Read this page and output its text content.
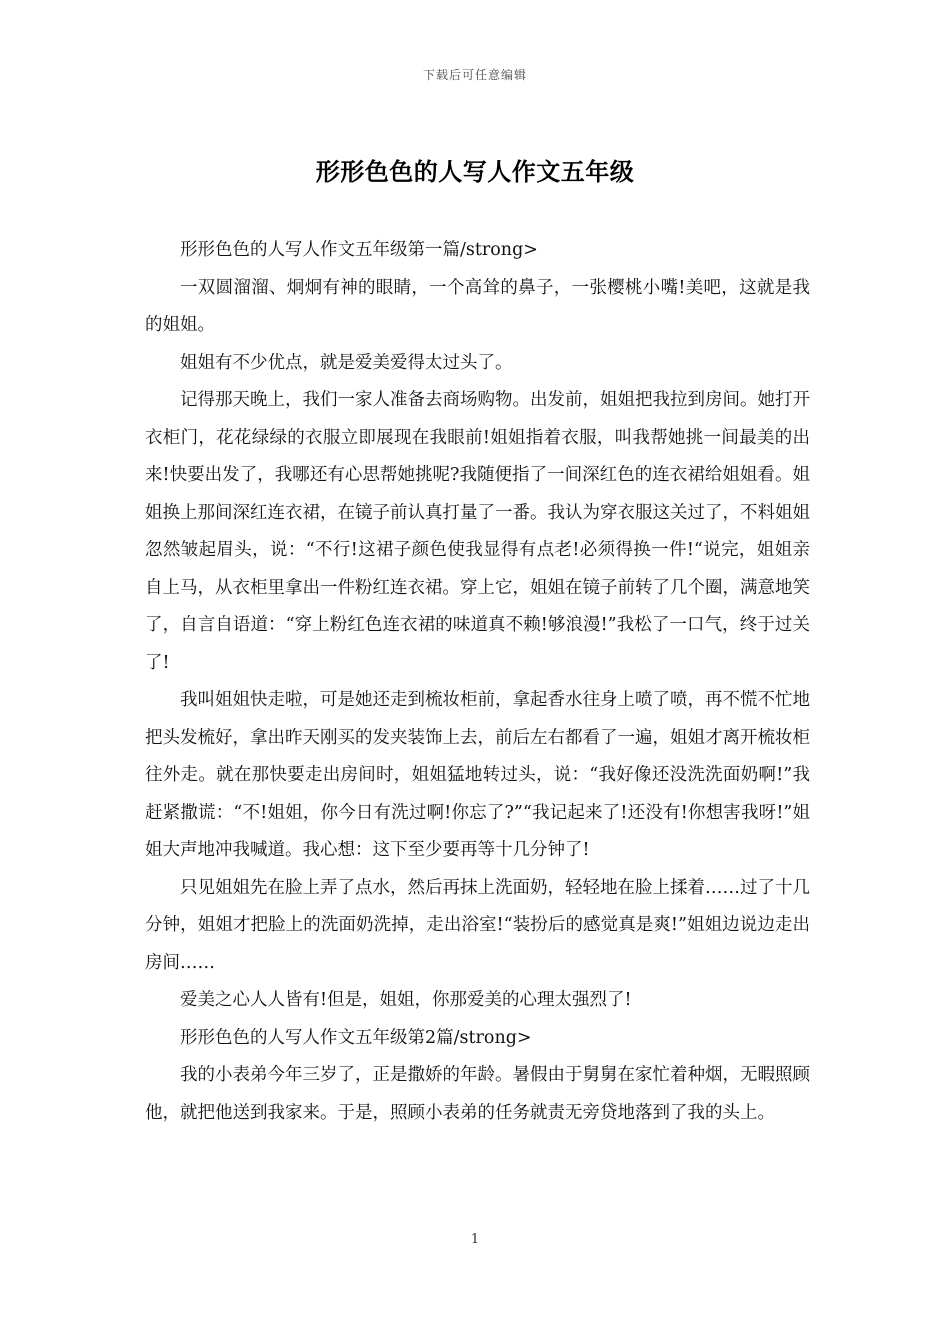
下载后可任意编辑
形形色色的人写人作文五年级

形形色色的人写人作文五年级第一篇/strong>

一双圆溜溜、炯炯有神的眼睛，一个高耸的鼻子，一张樱桃小嘴!美吧，这就是我的姐姐。

姐姐有不少优点，就是爱美爱得太过头了。

记得那天晚上，我们一家人准备去商场购物。出发前，姐姐把我拉到房间。她打开衣柜门，花花绿绿的衣服立即展现在我眼前!姐姐指着衣服，叫我帮她挑一间最美的出来!快要出发了，我哪还有心思帮她挑呢?我随便指了一间深红色的连衣裙给姐姐看。姐姐换上那间深红连衣裙，在镜子前认真打量了一番。我认为穿衣服这关过了，不料姐姐忽然皱起眉头，说：“不行!这裙子颜色使我显得有点老!必须得换一件!“说完，姐姐亲自上马，从衣柜里拿出一件粉红连衣裙。穿上它，姐姐在镜子前转了几个圈，满意地笑了，自言自语道：“穿上粉红色连衣裙的味道真不赖!够浪漫!”我松了一口气，终于过关了!

我叫姐姐快走啦，可是她还走到梳妆柜前，拿起香水往身上喷了喷，再不慌不忙地把头发梳好，拿出昨天刚买的发夹装饰上去，前后左右都看了一遍，姐姐才离开梳妆柜往外走。就在那快要走出房间时，姐姐猛地转过头，说：“我好像还没洗洗面奶啊!”我赶紧撒谎：“不!姐姐，你今日有洗过啊!你忘了?”“我记起来了!还没有!你想害我呀!”姐姐大声地冲我喊道。我心想：这下至少要再等十几分钟了!

只见姐姐先在脸上弄了点水，然后再抹上洗面奶，轻轻地在脸上揉着……过了十几分钟，姐姐才把脸上的洗面奶洗掉，走出浴室!“装扮后的感觉真是爽!”姐姐边说边走出房间……

爱美之心人人皆有!但是，姐姐，你那爱美的心理太强烈了!

形形色色的人写人作文五年级第2篇/strong>

我的小表弟今年三岁了，正是撒娇的年龄。暑假由于舅舅在家忙着种烟，无暇照顾他，就把他送到我家来。于是，照顾小表弟的任务就责无旁贷地落到了我的头上。

1
